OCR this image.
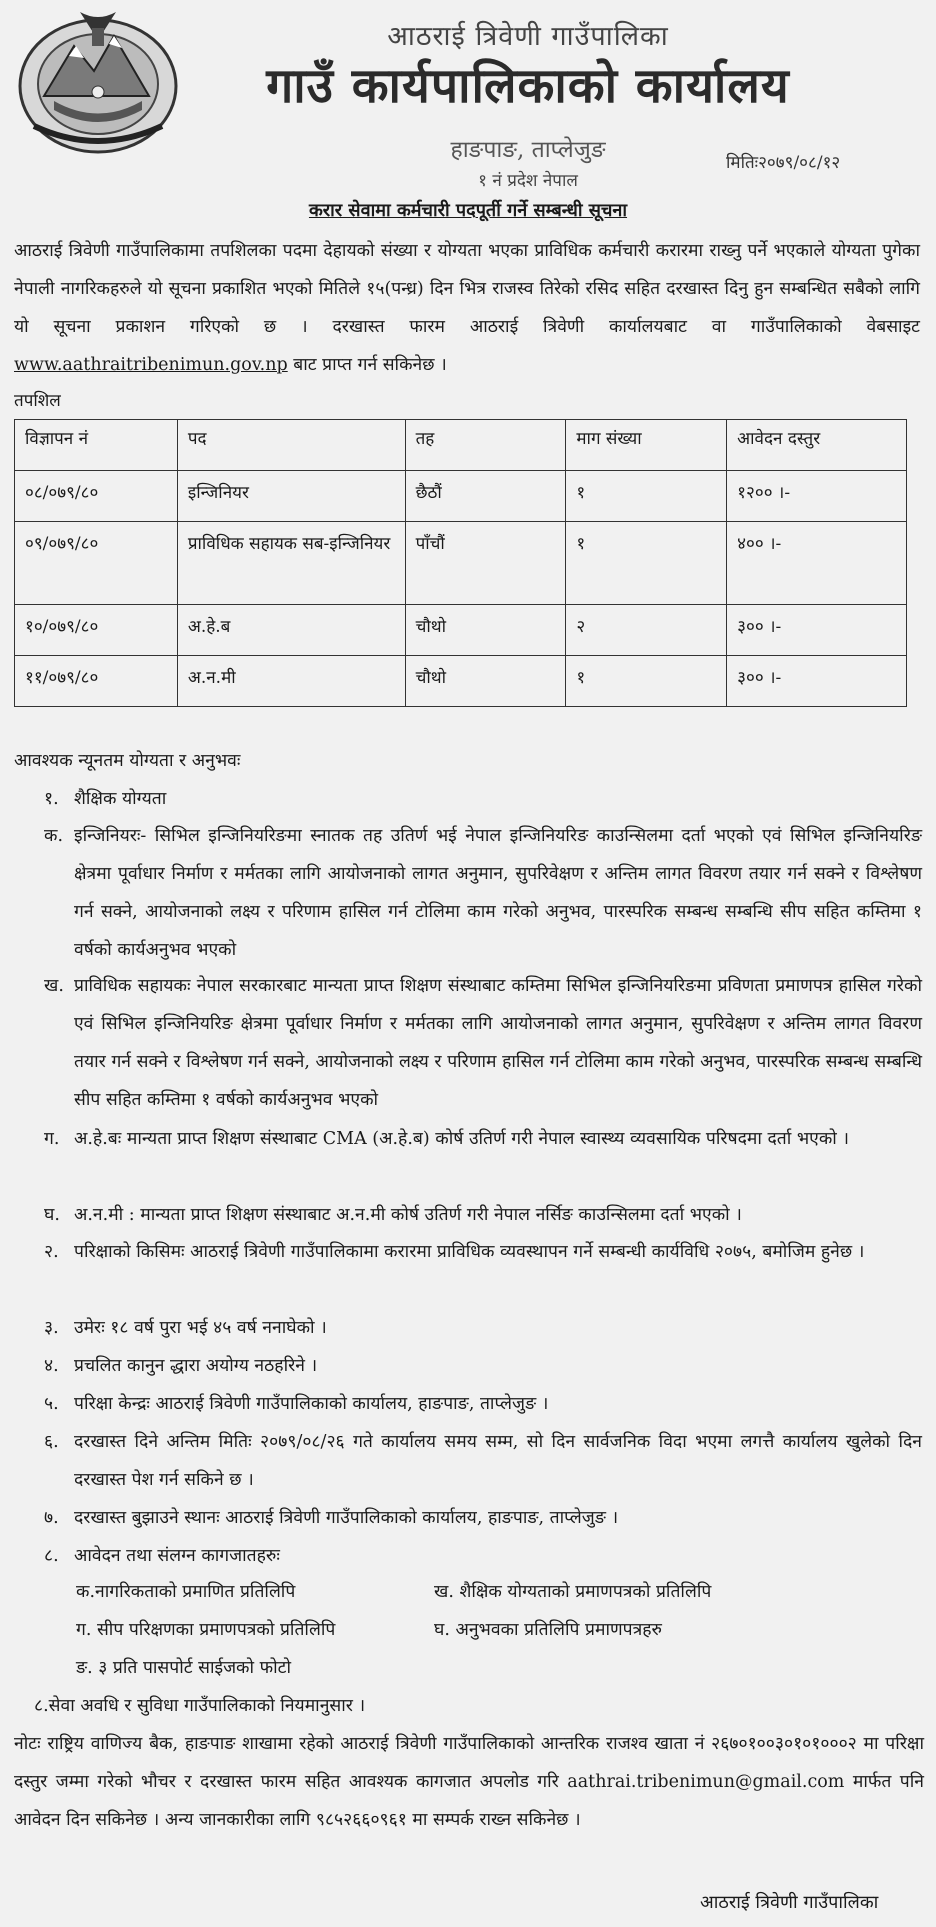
आठराई त्रिवेणी गाउँपालिका
गाउँ कार्यपालिकाको कार्यालय
हाङपाङ, ताप्लेजुङ
१ नं प्रदेश नेपाल
मितिः२०७९/०८/१२
करार सेवामा कर्मचारी पदपूर्ती गर्ने सम्बन्धी सूचना
आठराई त्रिवेणी गाउँपालिकामा तपशिलका पदमा देहायको संख्या र योग्यता भएका प्राविधिक कर्मचारी करारमा राख्नु पर्ने भएकाले योग्यता पुगेका नेपाली नागरिकहरुले यो सूचना प्रकाशित भएको मितिले १५(पन्ध्र) दिन भित्र राजस्व तिरेको रसिद सहित दरखास्त दिनु हुन सम्बन्धित सबैको लागि यो सूचना प्रकाशन गरिएको छ । दरखास्त फारम आठराई त्रिवेणी कार्यालयबाट वा गाउँपालिकाको वेबसाइट www.aathraitribenimun.gov.np बाट प्राप्त गर्न सकिनेछ ।
तपशिल
विज्ञापन नं	पद	तह	माग संख्या	आवेदन दस्तुर
०८/०७९/८०	इन्जिनियर	छैठौं	१	१२०० ।-
०९/०७९/८०	प्राविधिक सहायक सब-इन्जिनियर	पाँचौं	१	४०० ।-
१०/०७९/८०	अ.हे.ब	चौथो	२	३०० ।-
११/०७९/८०	अ.न.मी	चौथो	१	३०० ।-
आवश्यक न्यूनतम योग्यता र अनुभवः
१. शैक्षिक योग्यता
क. इन्जिनियरः- सिभिल इन्जिनियरिङमा स्नातक तह उतिर्ण भई नेपाल इन्जिनियरिङ काउन्सिलमा दर्ता भएको एवं सिभिल इन्जिनियरिङ क्षेत्रमा पूर्वाधार निर्माण र मर्मतका लागि आयोजनाको लागत अनुमान, सुपरिवेक्षण र अन्तिम लागत विवरण तयार गर्न सक्ने र विश्लेषण गर्न सक्ने, आयोजनाको लक्ष्य र परिणाम हासिल गर्न टोलिमा काम गरेको अनुभव, पारस्परिक सम्बन्ध सम्बन्धि सीप सहित कम्तिमा १ वर्षको कार्यअनुभव भएको
ख. प्राविधिक सहायकः नेपाल सरकारबाट मान्यता प्राप्त शिक्षण संस्थाबाट कम्तिमा सिभिल इन्जिनियरिङमा प्रविणता प्रमाणपत्र हासिल गरेको एवं सिभिल इन्जिनियरिङ क्षेत्रमा पूर्वाधार निर्माण र मर्मतका लागि आयोजनाको लागत अनुमान, सुपरिवेक्षण र अन्तिम लागत विवरण तयार गर्न सक्ने र विश्लेषण गर्न सक्ने, आयोजनाको लक्ष्य र परिणाम हासिल गर्न टोलिमा काम गरेको अनुभव, पारस्परिक सम्बन्ध सम्बन्धि सीप सहित कम्तिमा १ वर्षको कार्यअनुभव भएको
ग. अ.हे.बः मान्यता प्राप्त शिक्षण संस्थाबाट CMA (अ.हे.ब) कोर्ष उतिर्ण गरी नेपाल स्वास्थ्य व्यवसायिक परिषदमा दर्ता भएको ।
घ. अ.न.मी : मान्यता प्राप्त शिक्षण संस्थाबाट अ.न.मी कोर्ष उतिर्ण गरी नेपाल नर्सिङ काउन्सिलमा दर्ता भएको ।
२. परिक्षाको किसिमः आठराई त्रिवेणी गाउँपालिकामा करारमा प्राविधिक व्यवस्थापन गर्ने सम्बन्धी कार्यविधि २०७५, बमोजिम हुनेछ ।
३. उमेरः १८ वर्ष पुरा भई ४५ वर्ष ननाघेको ।
४. प्रचलित कानुन द्धारा अयोग्य नठहरिने ।
५. परिक्षा केन्द्रः आठराई त्रिवेणी गाउँपालिकाको कार्यालय, हाङपाङ, ताप्लेजुङ ।
६. दरखास्त दिने अन्तिम मितिः २०७९/०८/२६ गते कार्यालय समय सम्म, सो दिन सार्वजनिक विदा भएमा लगत्तै कार्यालय खुलेको दिन दरखास्त पेश गर्न सकिने छ ।
७. दरखास्त बुझाउने स्थानः आठराई त्रिवेणी गाउँपालिकाको कार्यालय, हाङपाङ, ताप्लेजुङ ।
८. आवेदन तथा संलग्न कागजातहरुः
क.नागरिकताको प्रमाणित प्रतिलिपि	ख. शैक्षिक योग्यताको प्रमाणपत्रको प्रतिलिपि
ग. सीप परिक्षणका प्रमाणपत्रको प्रतिलिपि	घ. अनुभवका प्रतिलिपि प्रमाणपत्रहरु
ङ. ३ प्रति पासपोर्ट साईजको फोटो
८.सेवा अवधि र सुविधा गाउँपालिकाको नियमानुसार ।
नोटः राष्ट्रिय वाणिज्य बैक, हाङपाङ शाखामा रहेको आठराई त्रिवेणी गाउँपालिकाको आन्तरिक राजश्व खाता नं २६७०१००३०१०१०००२ मा परिक्षा दस्तुर जम्मा गरेको भौचर र दरखास्त फारम सहित आवश्यक कागजात अपलोड गरि aathrai.tribenimun@gmail.com मार्फत पनि आवेदन दिन सकिनेछ । अन्य जानकारीका लागि ९८५२६६०९६१ मा सम्पर्क राख्न सकिनेछ ।
आठराई त्रिवेणी गाउँपालिका
